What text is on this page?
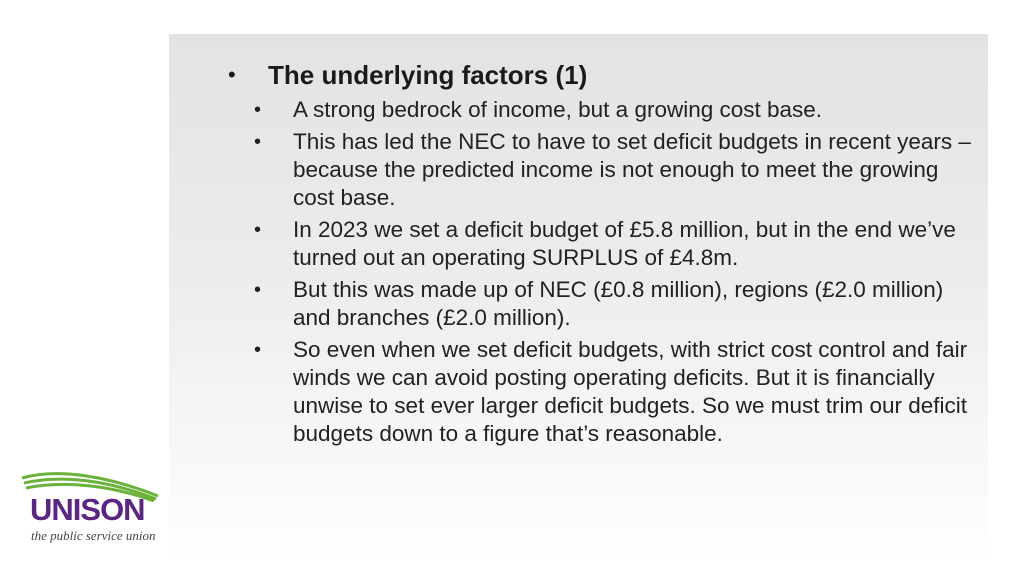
• The underlying factors (1)
• A strong bedrock of income, but a growing cost base.
• This has led the NEC to have to set deficit budgets in recent years – because the predicted income is not enough to meet the growing cost base.
• In 2023 we set a deficit budget of £5.8 million, but in the end we’ve turned out an operating SURPLUS of £4.8m.
• But this was made up of NEC (£0.8 million), regions (£2.0 million) and branches (£2.0 million).
• So even when we set deficit budgets, with strict cost control and fair winds we can avoid posting operating deficits. But it is financially unwise to set ever larger deficit budgets. So we must trim our deficit budgets down to a figure that’s reasonable.
UNISON
the public service union
